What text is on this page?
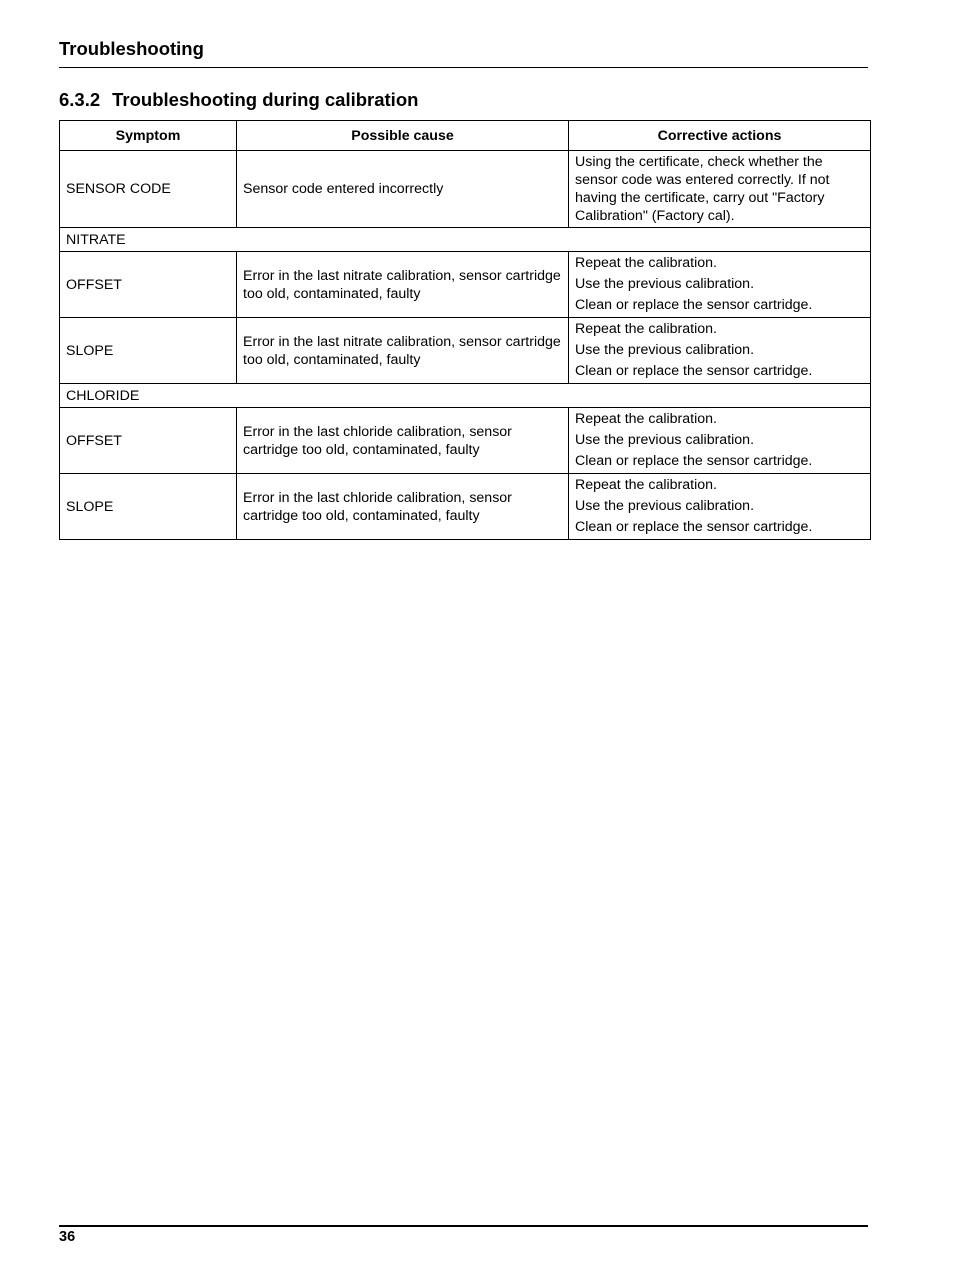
Troubleshooting
6.3.2 Troubleshooting during calibration
Symptom	Possible cause	Corrective actions
SENSOR CODE	Sensor code entered incorrectly	Using the certificate, check whether the sensor code was entered correctly. If not having the certificate, carry out "Factory Calibration" (Factory cal).
NITRATE		
OFFSET	Error in the last nitrate calibration, sensor cartridge too old, contaminated, faulty	Repeat the calibration.
Use the previous calibration.
Clean or replace the sensor cartridge.

SLOPE	Error in the last nitrate calibration, sensor cartridge too old, contaminated, faulty	Repeat the calibration.
Use the previous calibration.
Clean or replace the sensor cartridge.

CHLORIDE		
OFFSET	Error in the last chloride calibration, sensor cartridge too old, contaminated, faulty	Repeat the calibration.
Use the previous calibration.
Clean or replace the sensor cartridge.

SLOPE	Error in the last chloride calibration, sensor cartridge too old, contaminated, faulty	Repeat the calibration.
Use the previous calibration.
Clean or replace the sensor cartridge.
36
